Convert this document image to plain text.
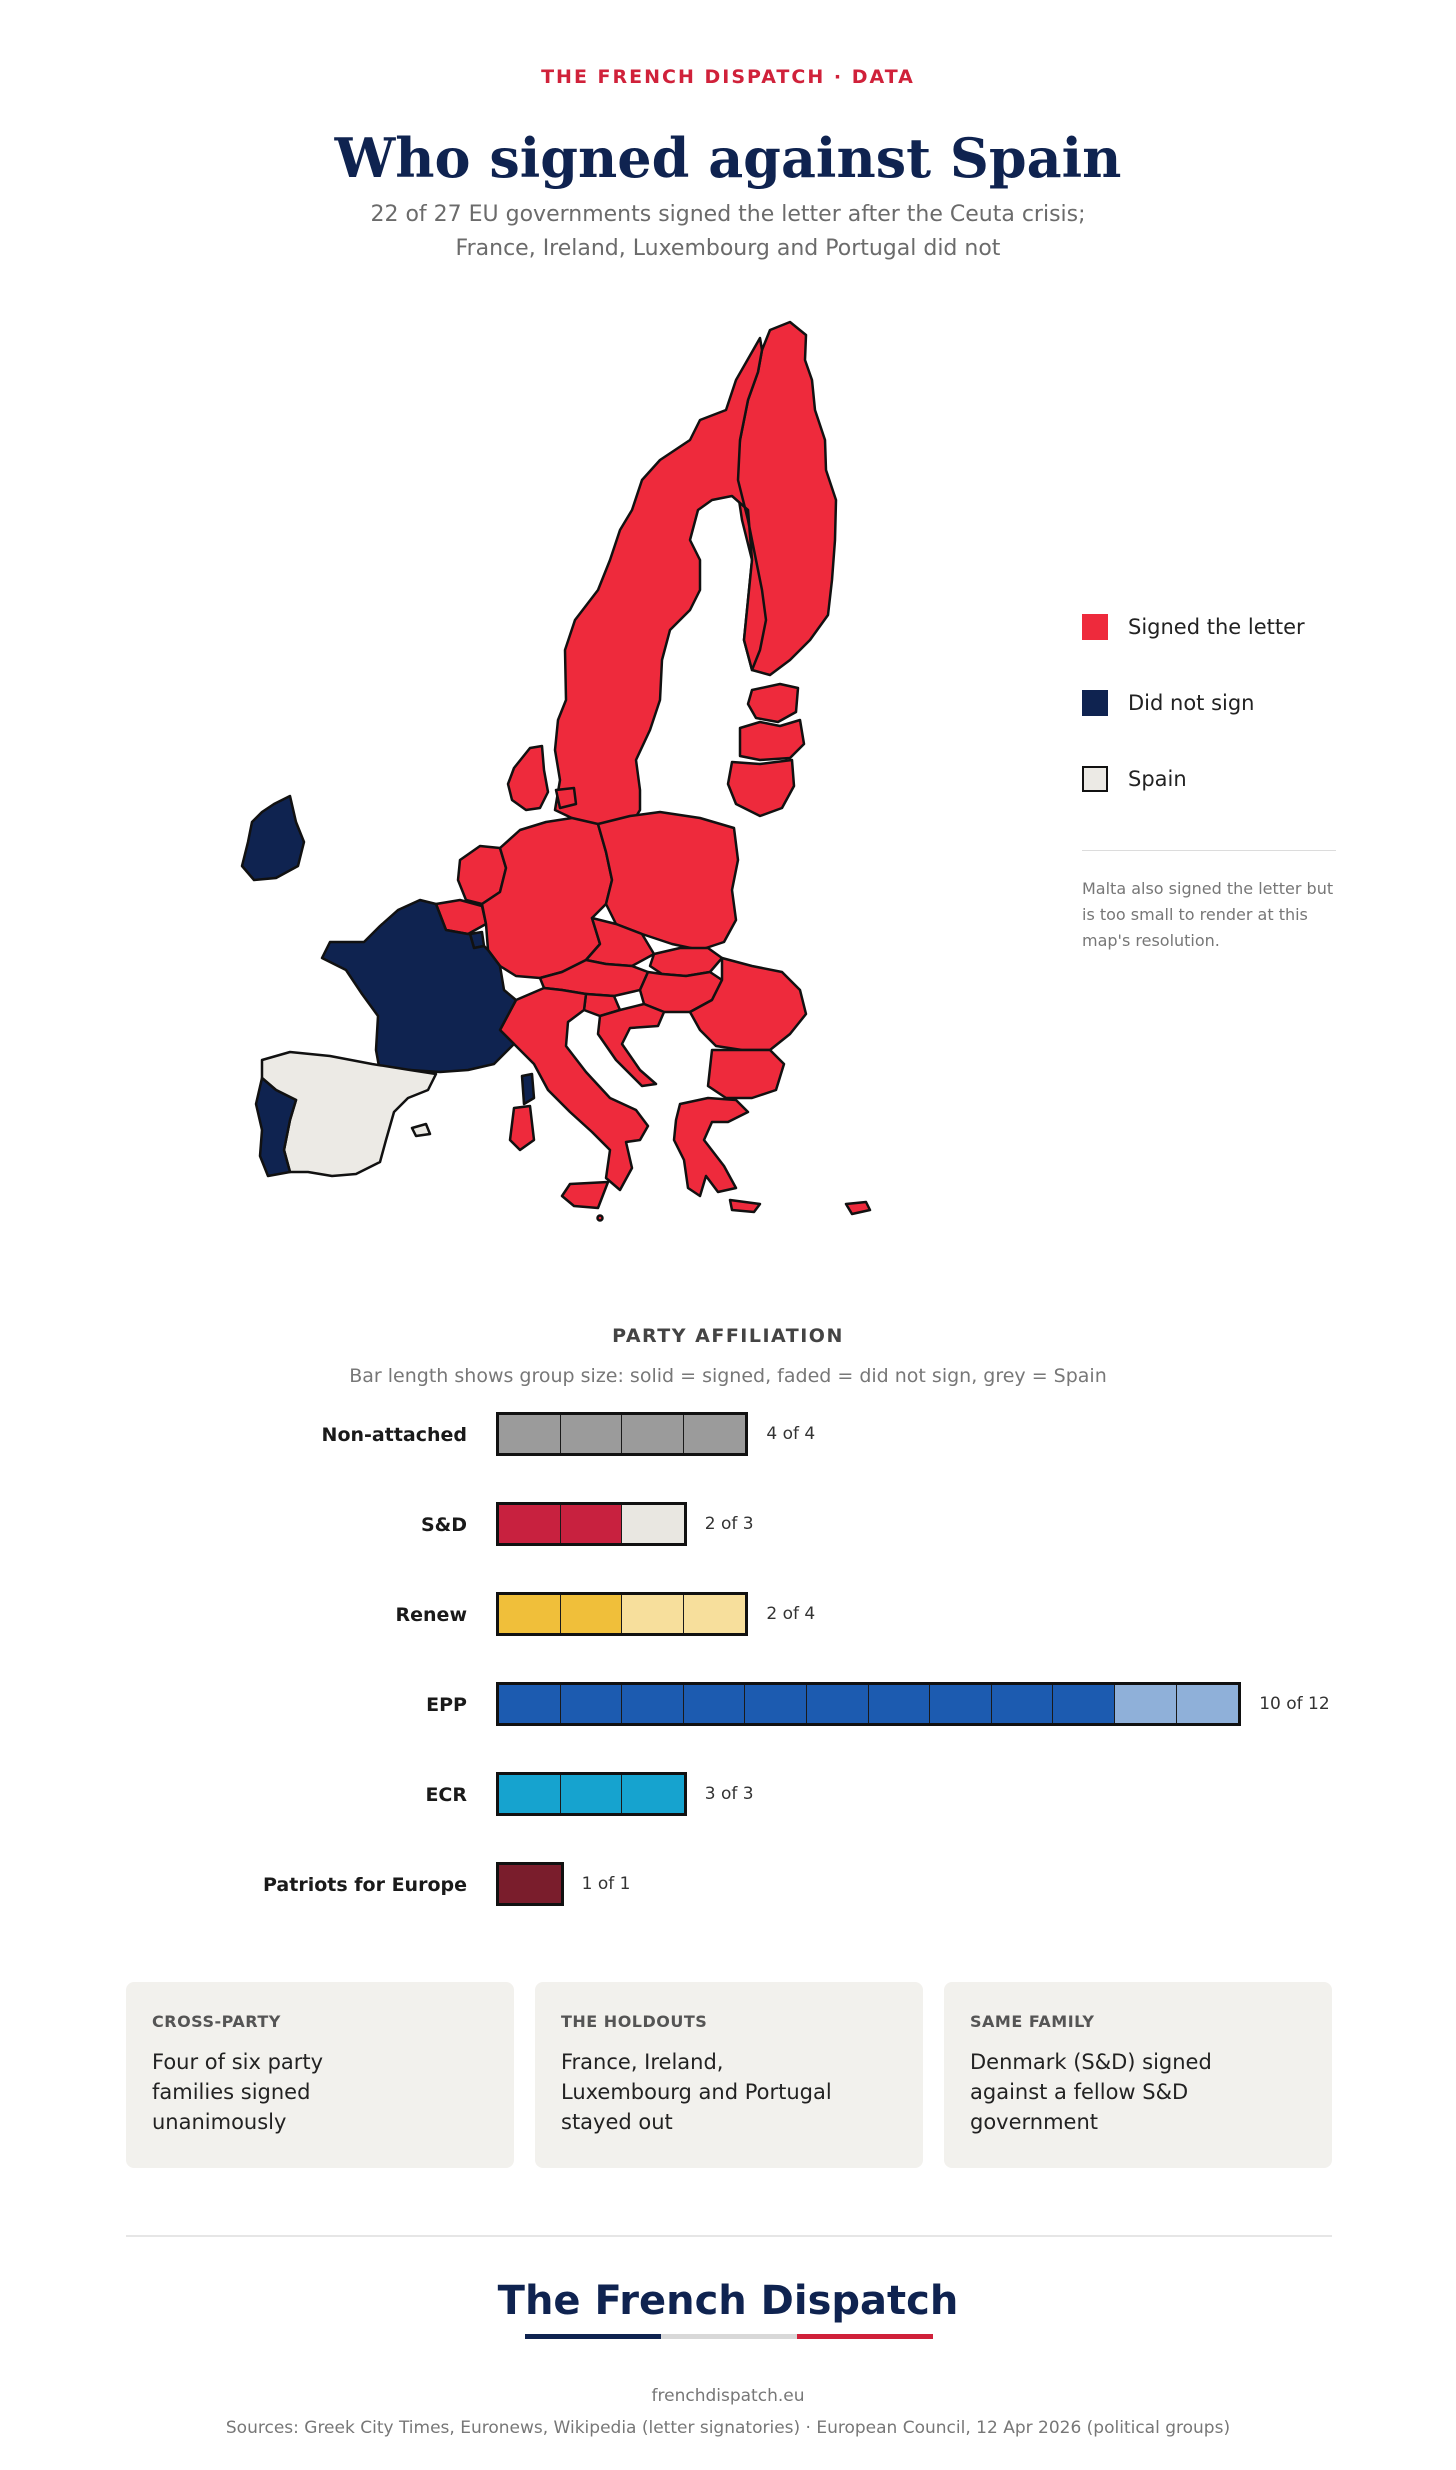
THE FRENCH DISPATCH · DATA
Who signed against Spain
22 of 27 EU governments signed the letter after the Ceuta crisis; France, Ireland, Luxembourg and Portugal did not
Signed the letter
Did not sign
Spain
Malta also signed the letter but is too small to render at this map's resolution.
PARTY AFFILIATION
Bar length shows group size: solid = signed, faded = did not sign, grey = Spain
Non-attached	4 of 4
S&D	2 of 3
Renew	2 of 4
EPP	10 of 12
ECR	3 of 3
Patriots for Europe	1 of 1
CROSS-PARTY
Four of six party families signed unanimously
THE HOLDOUTS
France, Ireland, Luxembourg and Portugal stayed out
SAME FAMILY
Denmark (S&D) signed against a fellow S&D government
The French Dispatch
frenchdispatch.eu
Sources: Greek City Times, Euronews, Wikipedia (letter signatories) · European Council, 12 Apr 2026 (political groups)
